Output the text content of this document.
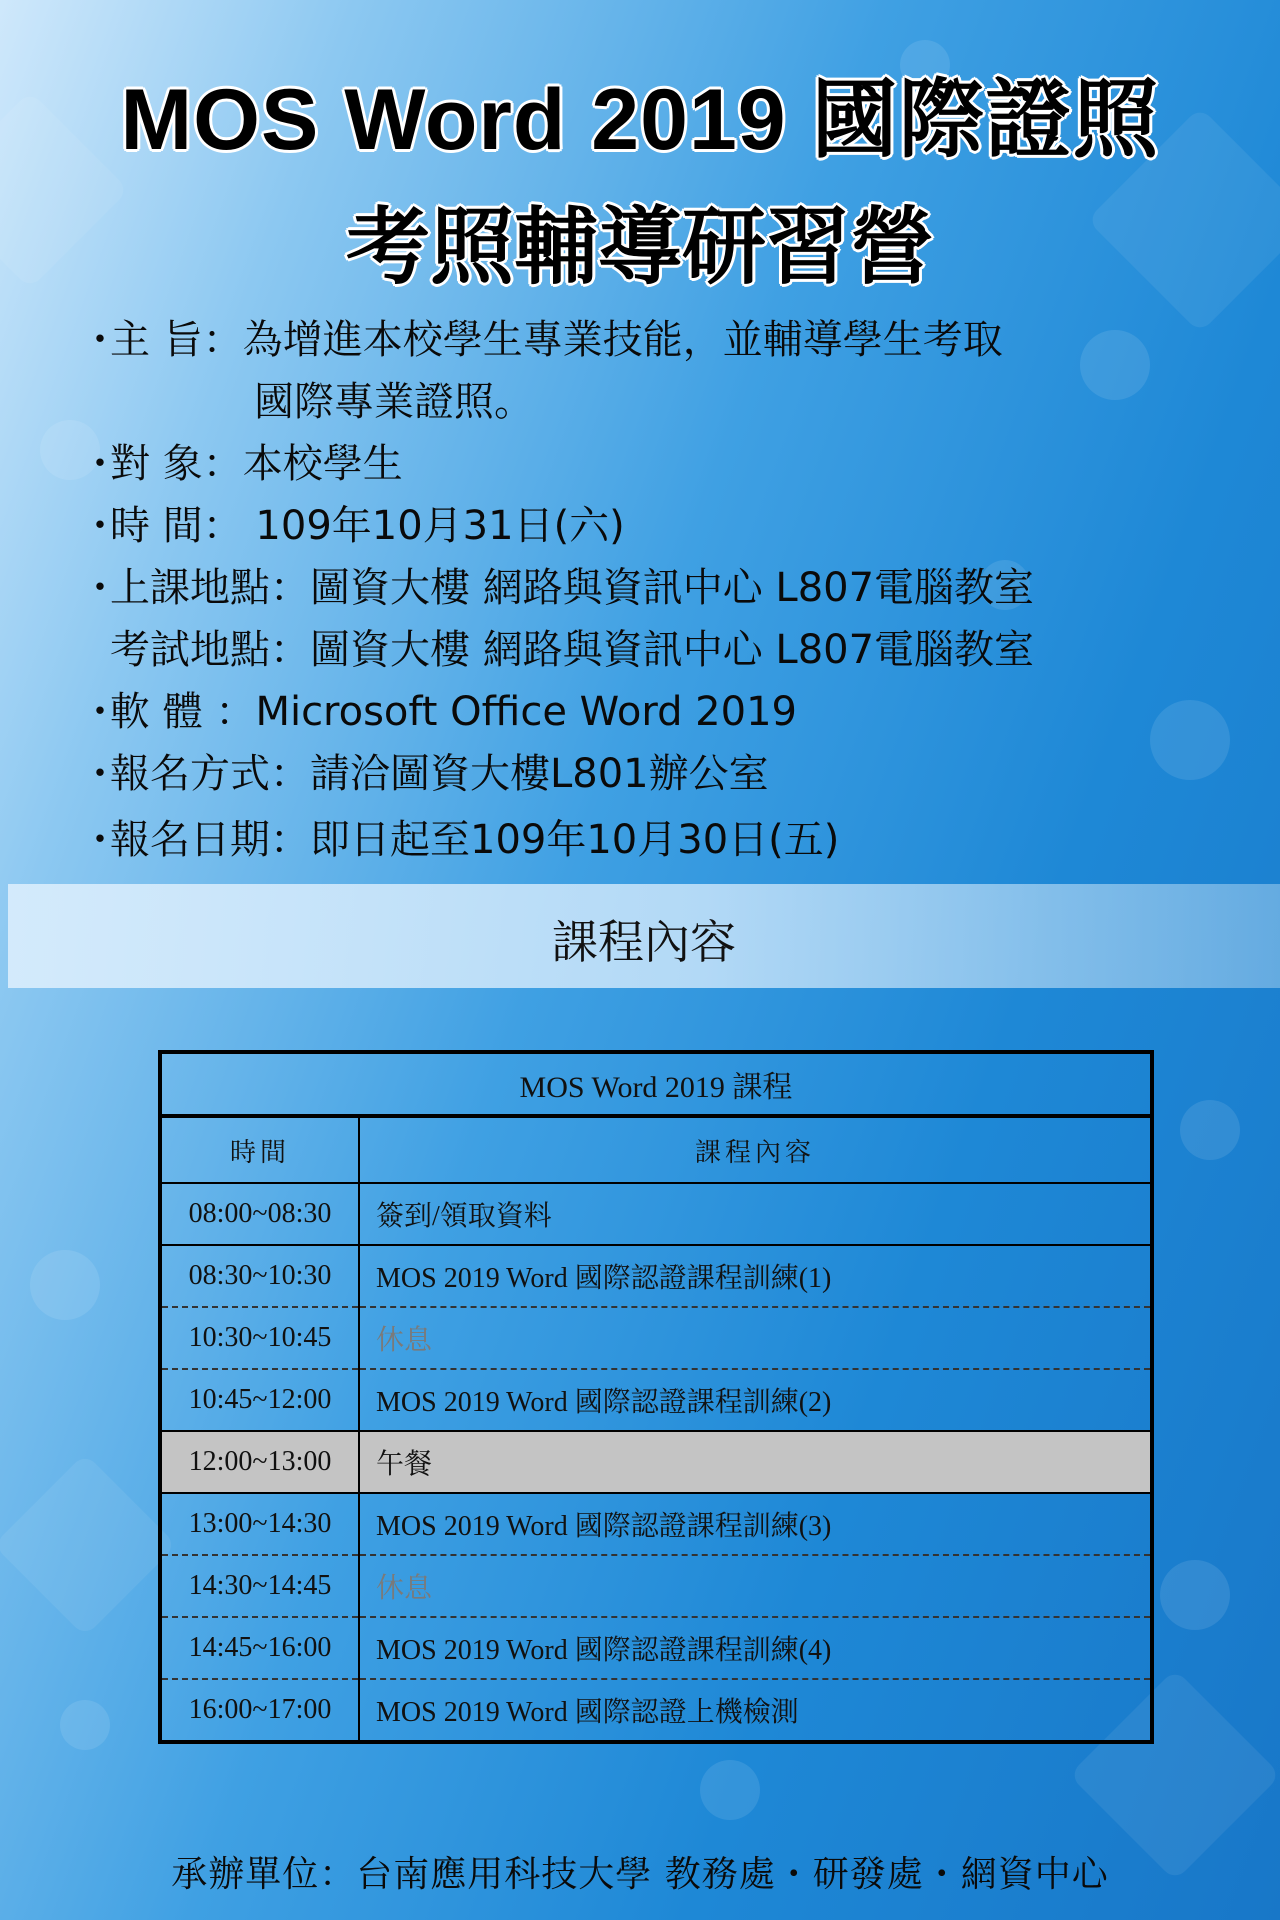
MOS Word 2019 國際證照
考照輔導研習營
・主 旨：為增進本校學生專業技能，並輔導學生考取
國際專業證照。
・對 象：本校學生
・時 間： 109年10月31日(六)
・上課地點：圖資大樓 網路與資訊中心 L807電腦教室
考試地點：圖資大樓 網路與資訊中心 L807電腦教室
・軟 體 ：Microsoft Office Word 2019
・報名方式：請洽圖資大樓L801辦公室
・報名日期：即日起至109年10月30日(五)
課程內容
MOS Word 2019 課程	
時間	課程內容
08:00~08:30	簽到/領取資料
08:30~10:30	MOS 2019 Word 國際認證課程訓練(1)
10:30~10:45	休息
10:45~12:00	MOS 2019 Word 國際認證課程訓練(2)
12:00~13:00	午餐
13:00~14:30	MOS 2019 Word 國際認證課程訓練(3)
14:30~14:45	休息
14:45~16:00	MOS 2019 Word 國際認證課程訓練(4)
16:00~17:00	MOS 2019 Word 國際認證上機檢測
承辦單位：台南應用科技大學 教務處・研發處・網資中心
